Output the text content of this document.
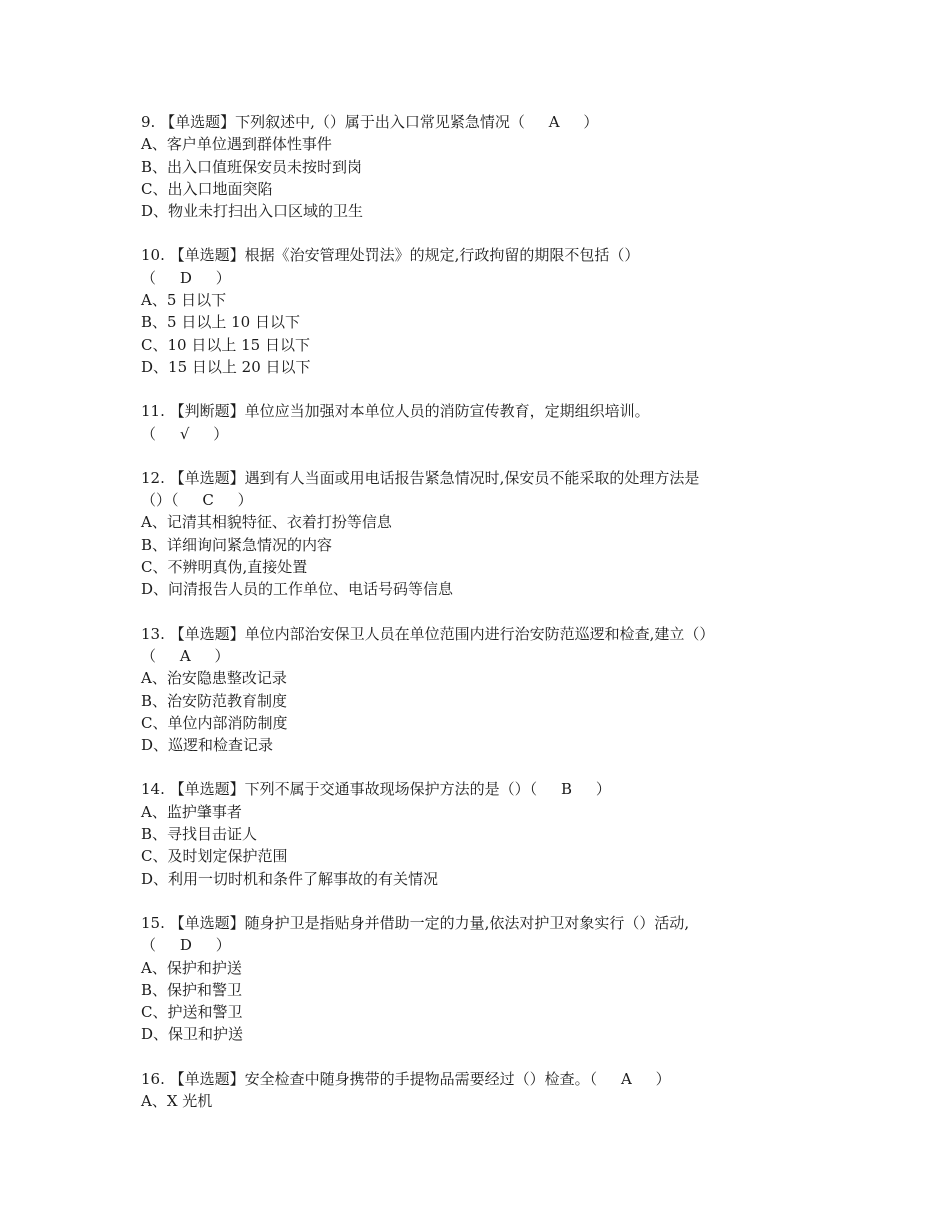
9. 【单选题】下列叙述中,（）属于出入口常见紧急情况（     A     ）
A、客户单位遇到群体性事件
B、出入口值班保安员未按时到岗
C、出入口地面突陷
D、物业未打扫出入口区域的卫生
10. 【单选题】根据《治安管理处罚法》的规定,行政拘留的期限不包括（）
（     D     ）
A、5 日以下
B、5 日以上 10 日以下
C、10 日以上 15 日以下
D、15 日以上 20 日以下
11. 【判断题】单位应当加强对本单位人员的消防宣传教育，定期组织培训。
（     √     ）
12. 【单选题】遇到有人当面或用电话报告紧急情况时,保安员不能采取的处理方法是
（）（     C     ）
A、记清其相貌特征、衣着打扮等信息
B、详细询问紧急情况的内容
C、不辨明真伪,直接处置
D、问清报告人员的工作单位、电话号码等信息
13. 【单选题】单位内部治安保卫人员在单位范围内进行治安防范巡逻和检查,建立（）
（     A     ）
A、治安隐患整改记录
B、治安防范教育制度
C、单位内部消防制度
D、巡逻和检查记录
14. 【单选题】下列不属于交通事故现场保护方法的是（）（     B     ）
A、监护肇事者
B、寻找目击证人
C、及时划定保护范围
D、利用一切时机和条件了解事故的有关情况
15. 【单选题】随身护卫是指贴身并借助一定的力量,依法对护卫对象实行（）活动,
（     D     ）
A、保护和护送
B、保护和警卫
C、护送和警卫
D、保卫和护送
16. 【单选题】安全检查中随身携带的手提物品需要经过（）检查。（     A     ）
A、X 光机
